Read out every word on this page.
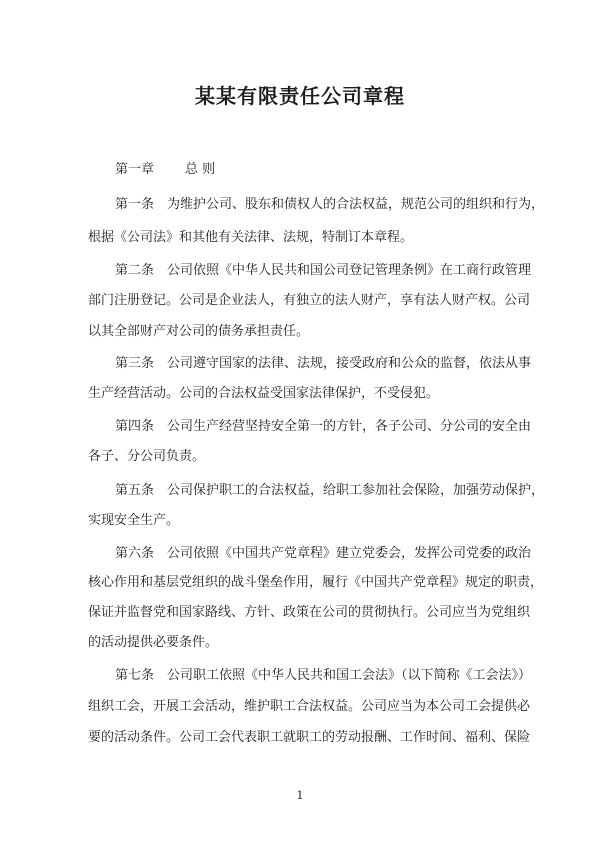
某某有限责任公司章程
第一章 总 则
第一条　为维护公司、股东和债权人的合法权益，规范公司的组织和行为，
根据《公司法》和其他有关法律、法规，特制订本章程。
第二条　公司依照《中华人民共和国公司登记管理条例》在工商行政管理
部门注册登记。公司是企业法人，有独立的法人财产，享有法人财产权。公司
以其全部财产对公司的债务承担责任。
第三条　公司遵守国家的法律、法规，接受政府和公众的监督，依法从事
生产经营活动。公司的合法权益受国家法律保护，不受侵犯。
第四条　公司生产经营坚持安全第一的方针，各子公司、分公司的安全由
各子、分公司负责。
第五条　公司保护职工的合法权益，给职工参加社会保险，加强劳动保护，
实现安全生产。
第六条　公司依照《中国共产党章程》建立党委会，发挥公司党委的政治
核心作用和基层党组织的战斗堡垒作用，履行《中国共产党章程》规定的职责，
保证并监督党和国家路线、方针、政策在公司的贯彻执行。公司应当为党组织
的活动提供必要条件。
第七条　公司职工依照《中华人民共和国工会法》（以下简称《工会法》）
组织工会，开展工会活动，维护职工合法权益。公司应当为本公司工会提供必
要的活动条件。公司工会代表职工就职工的劳动报酬、工作时间、福利、保险
1
